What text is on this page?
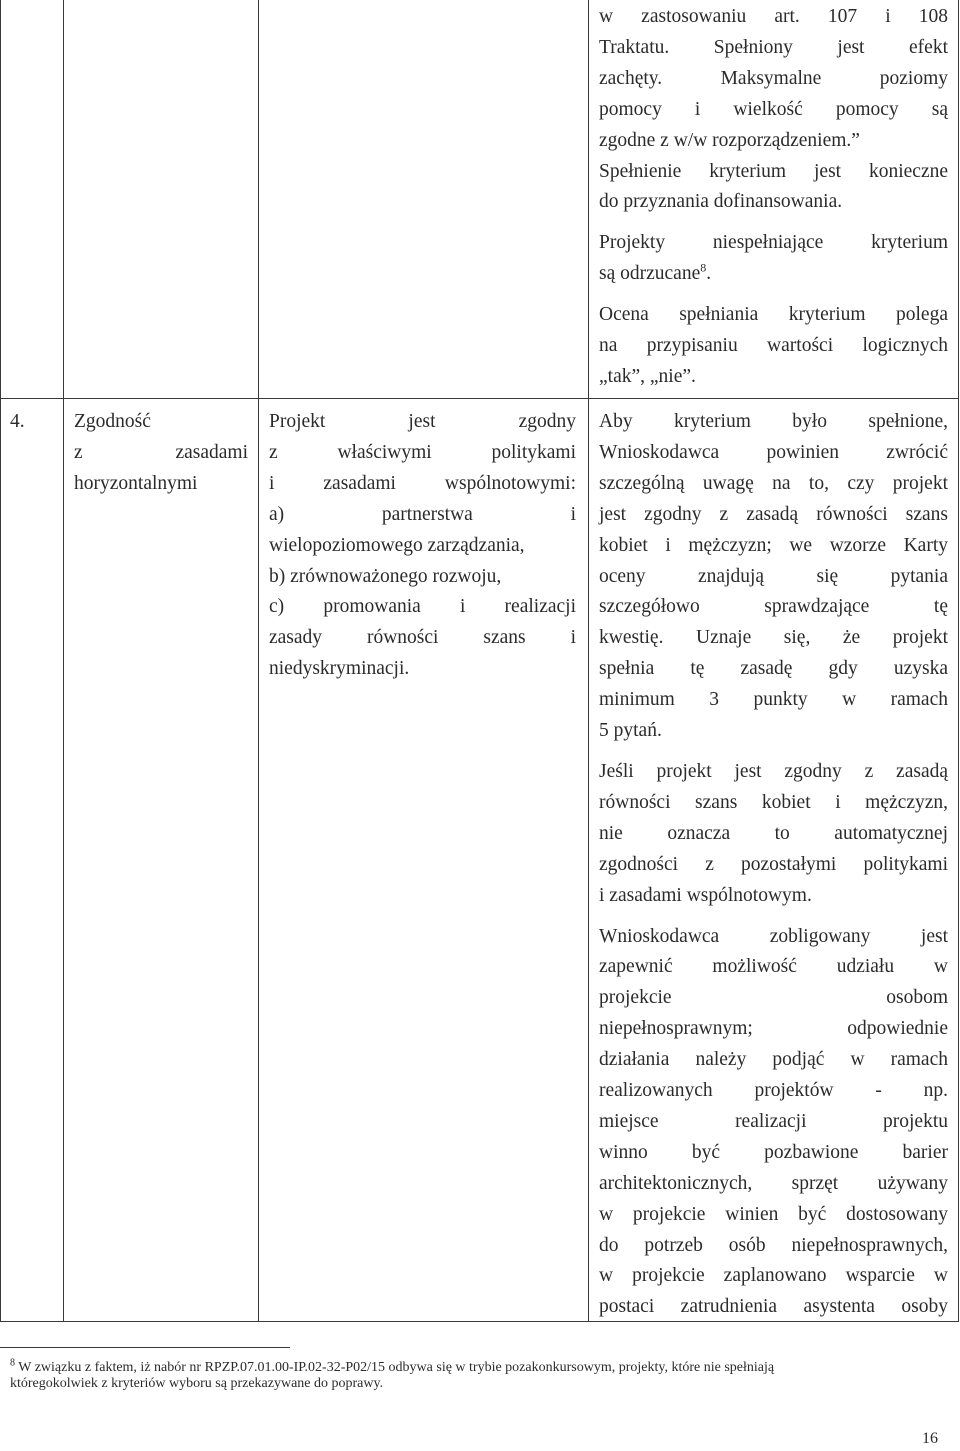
w zastosowaniu art. 107 i 108
Traktatu. Spełniony jest efekt
zachęty. Maksymalne poziomy
pomocy i wielkość pomocy są
zgodne z w/w rozporządzeniem.”
Spełnienie kryterium jest konieczne
do przyznania dofinansowania.
Projekty niespełniające kryterium
są odrzucane$^8$.
Ocena spełniania kryterium polega
na przypisaniu wartości logicznych
„tak”, „nie”.
4.	Zgodność
z zasadami
horyzontalnymi
Projekt jest zgodny
z właściwymi politykami
i zasadami wspólnotowymi:
a) partnerstwa i
wielopoziomowego zarządzania,
b) zrównoważonego rozwoju,
c) promowania i realizacji
zasady równości szans i
niedyskryminacji.
Aby kryterium było spełnione,
Wnioskodawca powinien zwrócić
szczególną uwagę na to, czy projekt
jest zgodny z zasadą równości szans
kobiet i mężczyzn; we wzorze Karty
oceny znajdują się pytania
szczegółowo sprawdzające tę
kwestię. Uznaje się, że projekt
spełnia tę zasadę gdy uzyska
minimum 3 punkty w ramach
5 pytań.
Jeśli projekt jest zgodny z zasadą
równości szans kobiet i mężczyzn,
nie oznacza to automatycznej
zgodności z pozostałymi politykami
i zasadami wspólnotowym.
Wnioskodawca zobligowany jest
zapewnić możliwość udziału w
projekcie osobom
niepełnosprawnym; odpowiednie
działania należy podjąć w ramach
realizowanych projektów - np.
miejsce realizacji projektu
winno być pozbawione barier
architektonicznych, sprzęt używany
w projekcie winien być dostosowany
do potrzeb osób niepełnosprawnych,
w projekcie zaplanowano wsparcie w
postaci zatrudnienia asystenta osoby
$^8$ W związku z faktem, iż nabór nr RPZP.07.01.00-IP.02-32-P02/15 odbywa się w trybie pozakonkursowym, projekty, które nie spełniają
któregokolwiek z kryteriów wyboru są przekazywane do poprawy.
16
